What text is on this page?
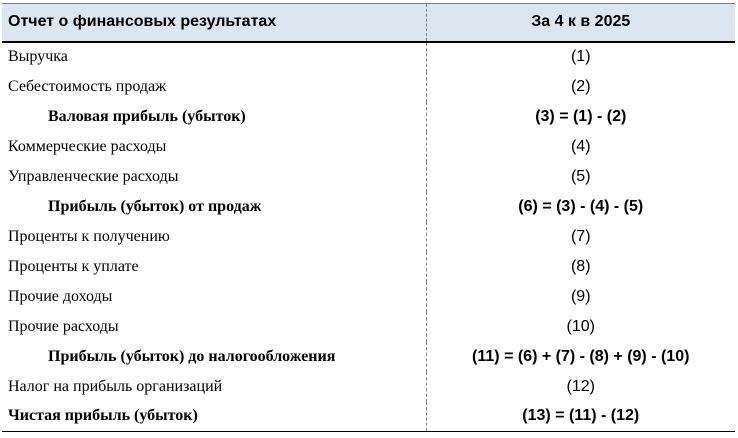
Отчет о финансовых результатах	За 4 к в 2025
Выручка	(1)
Себестоимость продаж	(2)
Валовая прибыль (убыток)	(3) = (1) - (2)
Коммерческие расходы	(4)
Управленческие расходы	(5)
Прибыль (убыток) от продаж	(6) = (3) - (4) - (5)
Проценты к получению	(7)
Проценты к уплате	(8)
Прочие доходы	(9)
Прочие расходы	(10)
Прибыль (убыток) до налогообложения	(11) = (6) + (7) - (8) + (9) - (10)
Налог на прибыль организаций	(12)
Чистая прибыль (убыток)	(13) = (11) - (12)
